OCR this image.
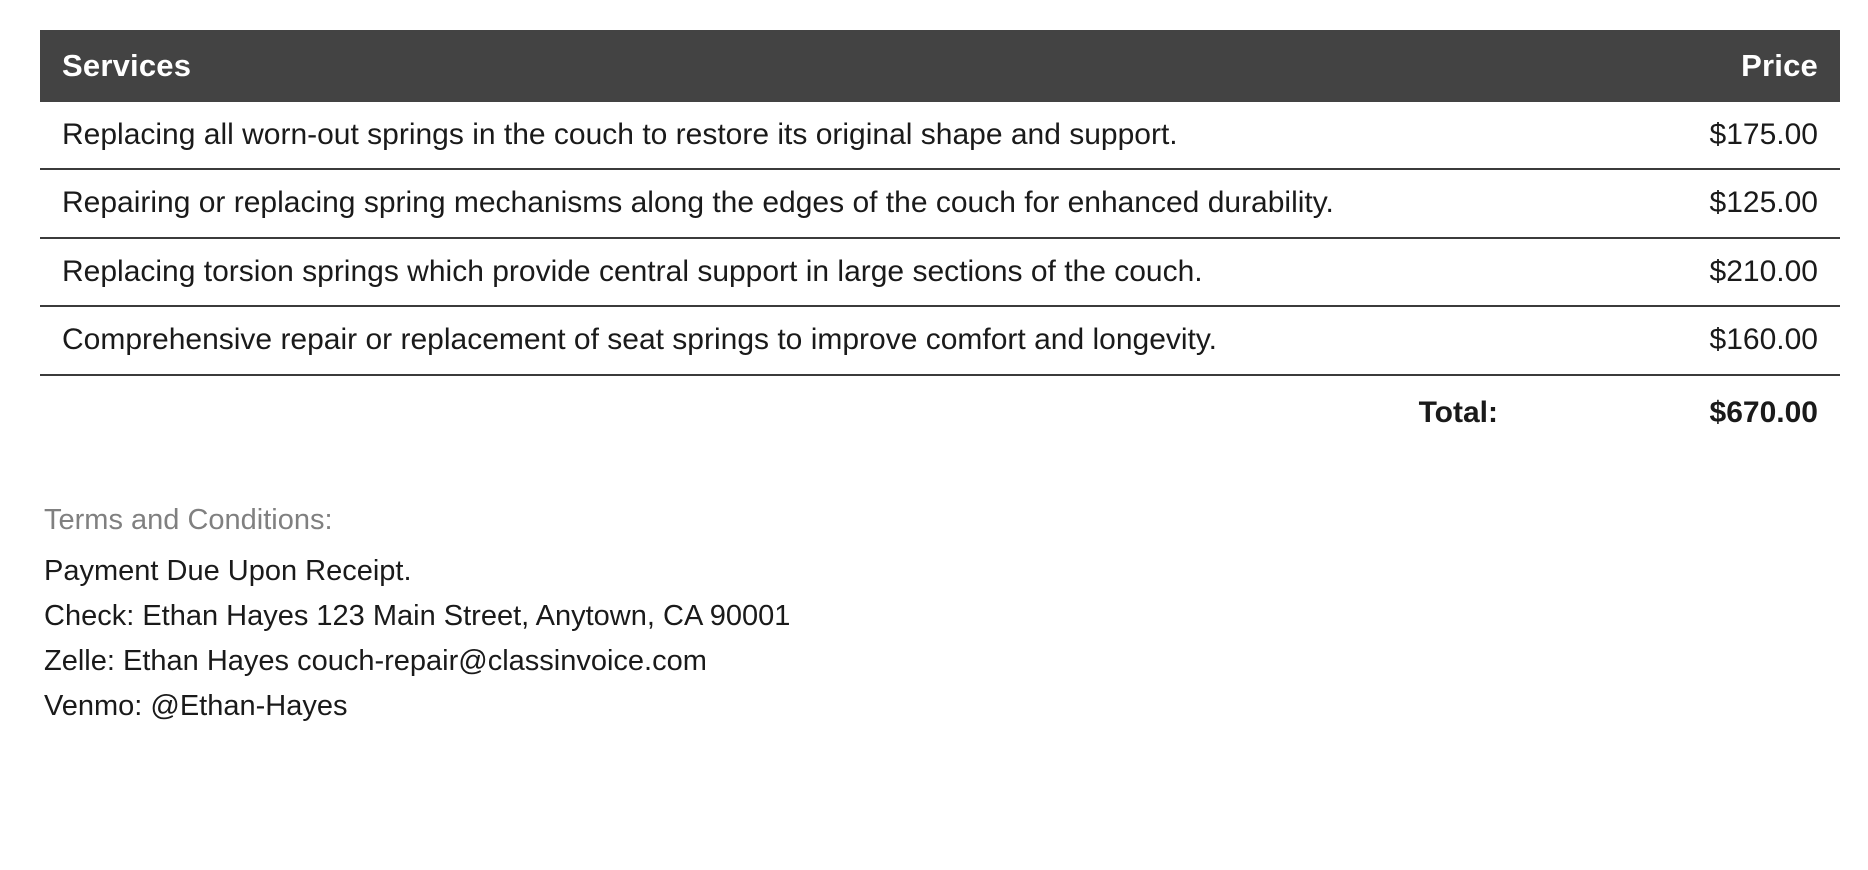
Services	Price
Replacing all worn-out springs in the couch to restore its original shape and support.	$175.00
Repairing or replacing spring mechanisms along the edges of the couch for enhanced durability.	$125.00
Replacing torsion springs which provide central support in large sections of the couch.	$210.00
Comprehensive repair or replacement of seat springs to improve comfort and longevity.	$160.00
Total:	$670.00
Terms and Conditions:
Payment Due Upon Receipt.
Check: Ethan Hayes 123 Main Street, Anytown, CA 90001
Zelle: Ethan Hayes couch-repair@classinvoice.com
Venmo: @Ethan-Hayes
